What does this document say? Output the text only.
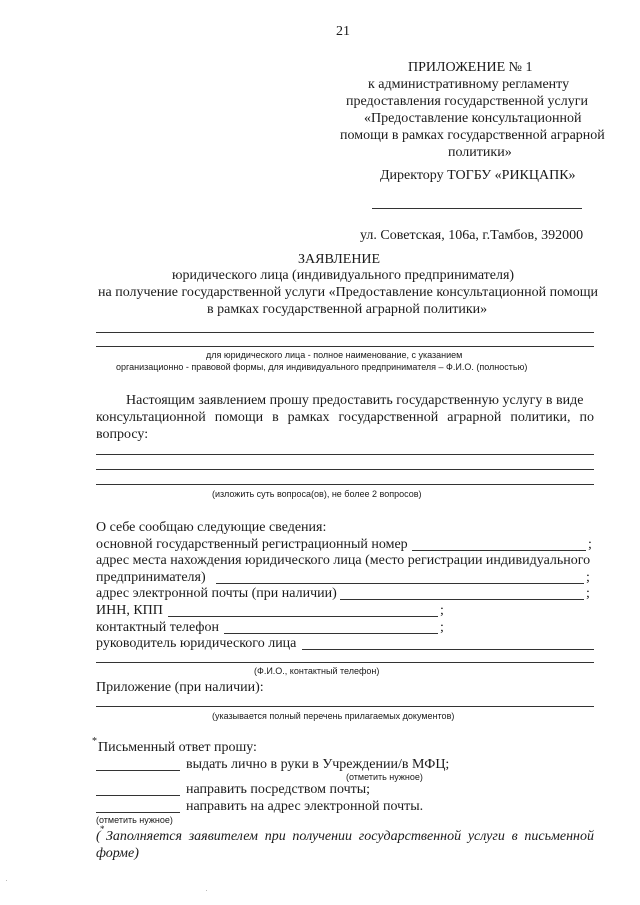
21
ПРИЛОЖЕНИЕ № 1
к административному регламенту
предоставления государственной услуги
«Предоставление консультационной
помощи в рамках государственной аграрной
политики»
Директору ТОГБУ «РИКЦАПК»
ул. Советская, 106а, г.Тамбов, 392000
ЗАЯВЛЕНИЕ
юридического лица (индивидуального предпринимателя)
на получение государственной услуги «Предоставление консультационной помощи
в рамках государственной аграрной политики»
для юридического лица - полное наименование, с указанием
организационно - правовой формы, для индивидуального предпринимателя – Ф.И.О. (полностью)
Настоящим заявлением прошу предоставить государственную услугу в виде
консультационной помощи в рамках государственной аграрной политики, по
вопросу:
(изложить суть вопроса(ов), не более 2 вопросов)
О себе сообщаю следующие сведения:
основной государственный регистрационный номер	;
адрес места нахождения юридического лица (место регистрации индивидуального
предпринимателя)	;
адрес электронной почты (при наличии)	;
ИНН, КПП	;
контактный телефон	;
руководитель юридического лица
(Ф.И.О., контактный телефон)
Приложение (при наличии):
(указывается полный перечень прилагаемых документов)
* Письменный ответ прошу:
выдать лично в руки в Учреждении/в МФЦ;
(отметить нужное)
направить посредством почты;
направить на адрес электронной почты.
(отметить нужное)
( * Заполняется заявителем при получении государственной услуги в письменной
форме)
